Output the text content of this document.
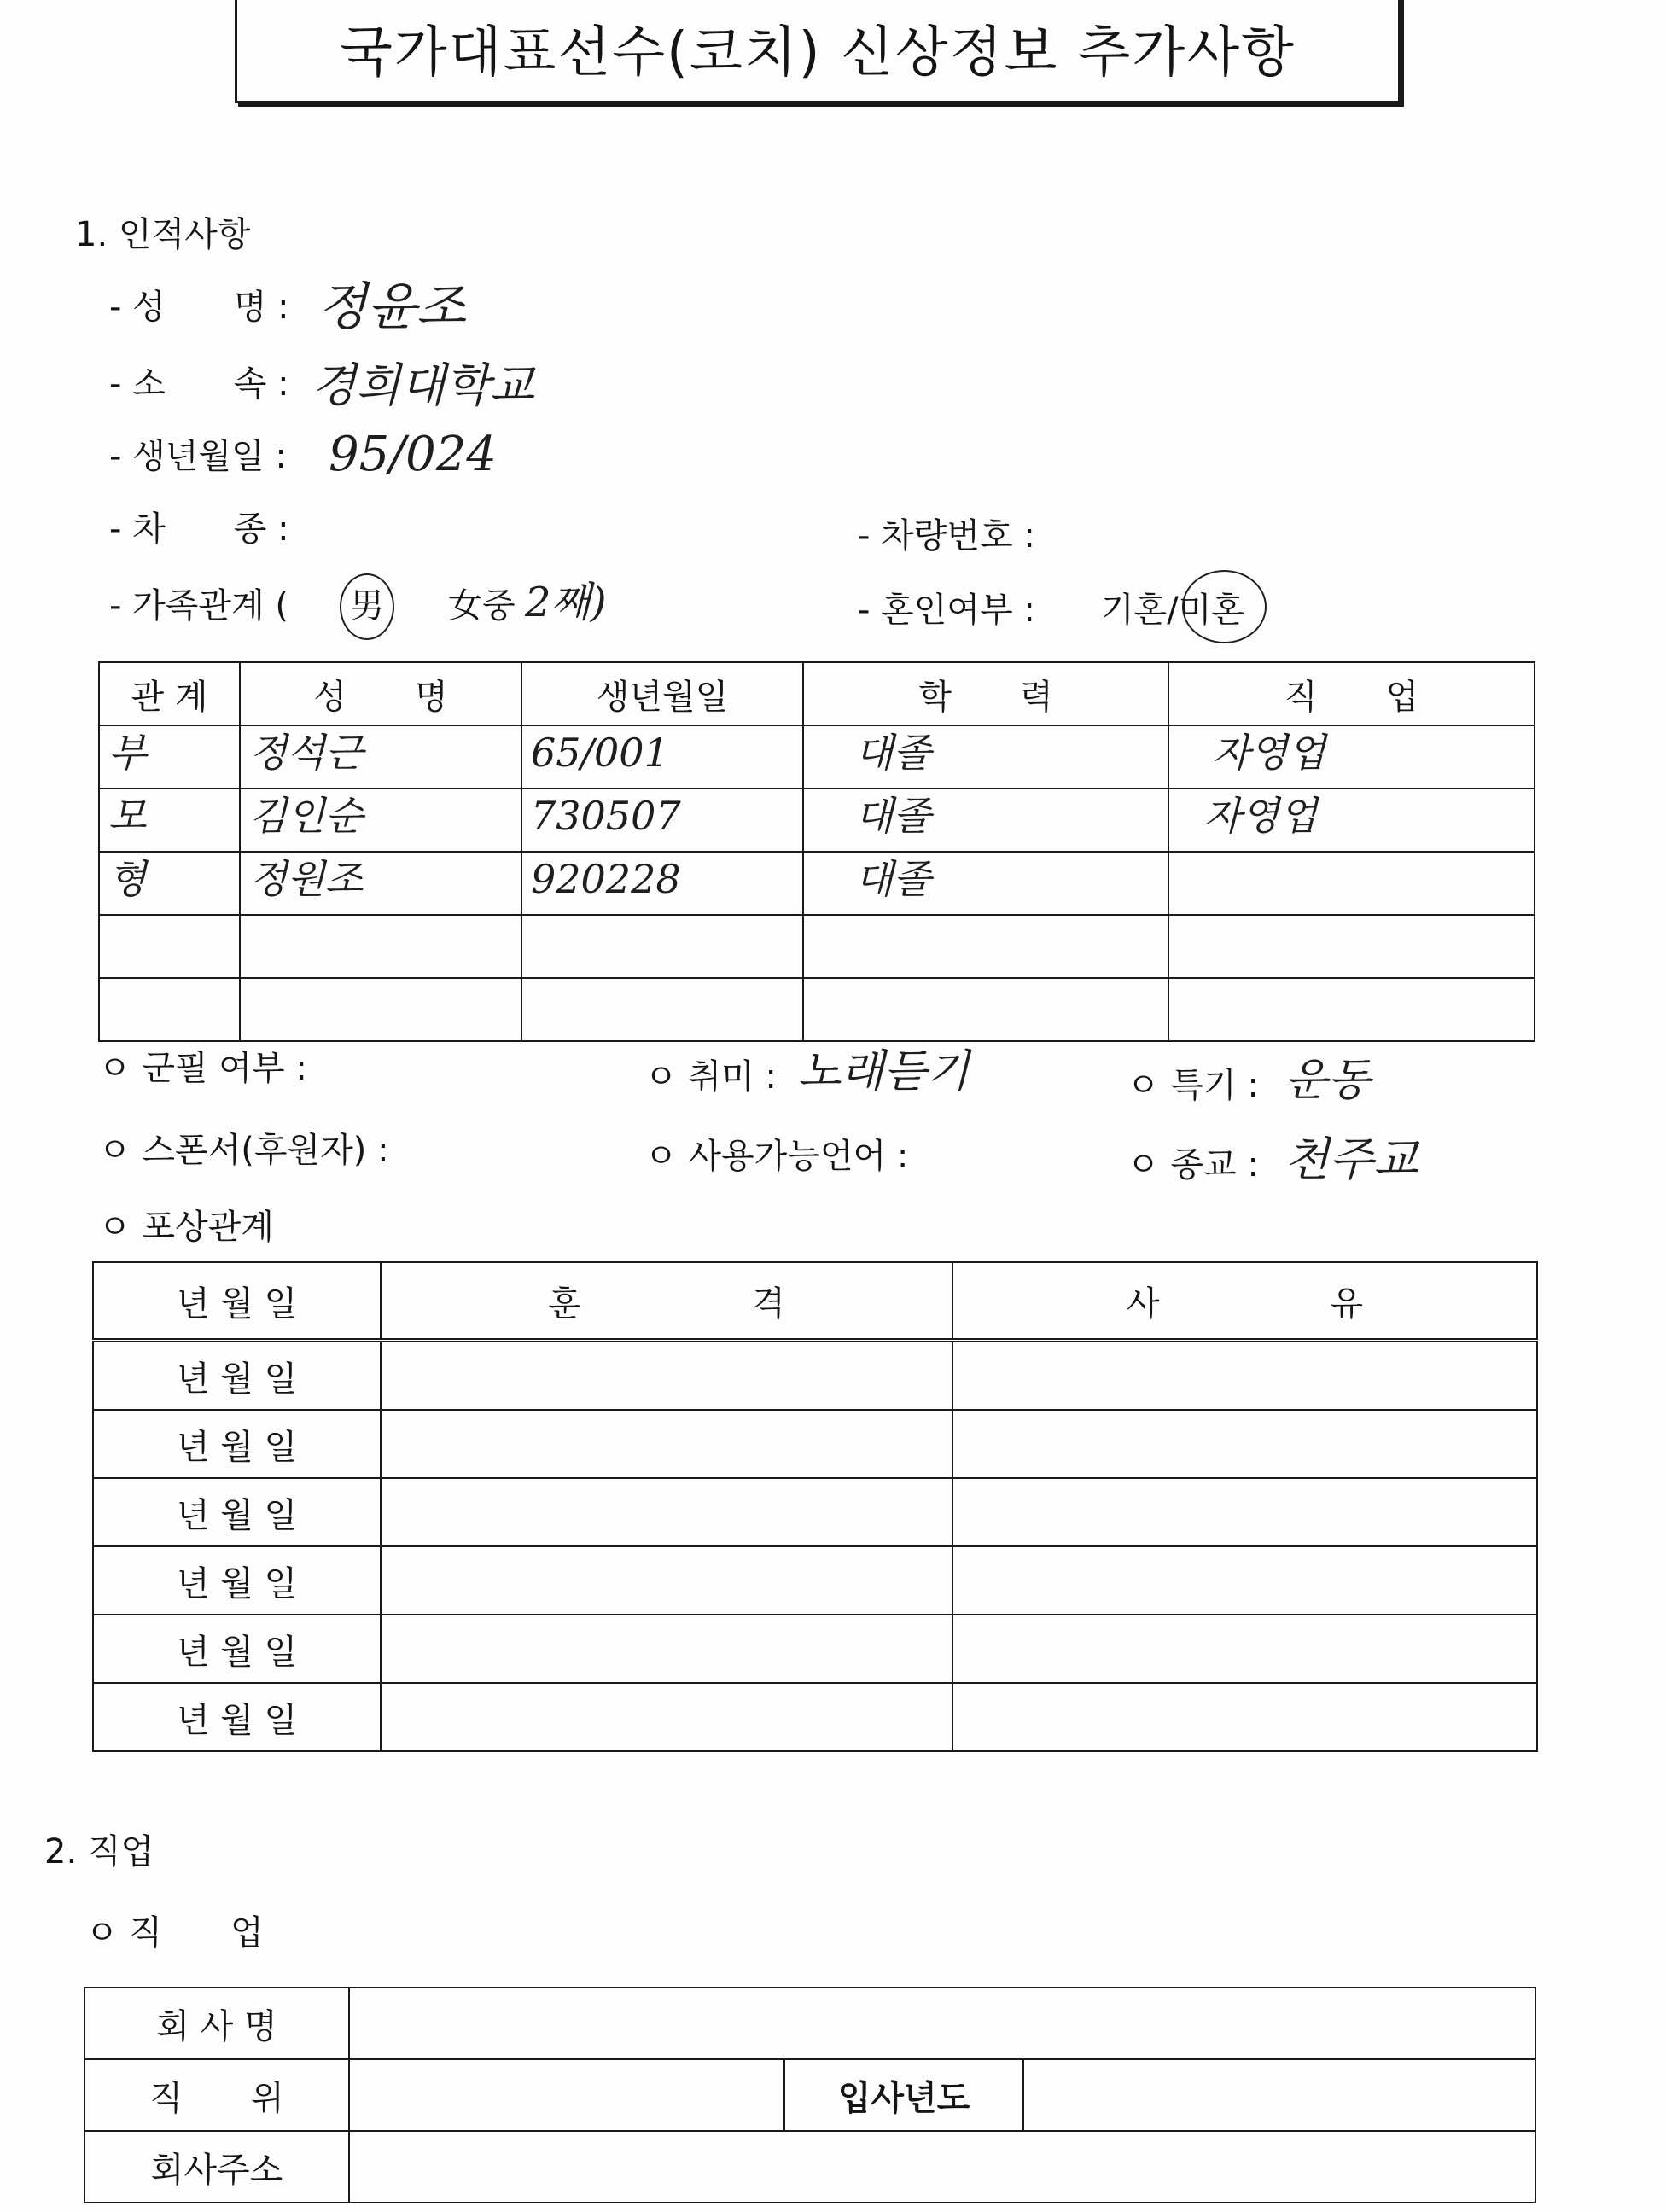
국가대표선수(코치) 신상정보 추가사항
1. 인적사항
- 성　　명 : 정윤조
- 소　　속 : 경희대학교
- 생년월일 : 95/024
- 차　　종 :	- 차량번호 :
- 가족관계 ( 男 女중 2째)	- 혼인여부 : 기혼/미혼
관 계	성　　명	생년월일	학　　력	직　　업

부	정석근	65/001	대졸	자영업

모	김인순	730507	대졸	자영업

형	정원조	920228	대졸	

ㅇ 군필 여부 :	ㅇ 취미 : 노래듣기	ㅇ 특기 : 운동
ㅇ 스폰서(후원자) :	ㅇ 사용가능언어 :	ㅇ 종교 : 천주교
ㅇ 포상관계
년 월 일	훈　　　　　격	사　　　　　유
년 월 일		
년 월 일		
년 월 일		
년 월 일		
년 월 일		
년 월 일		
2. 직업
ㅇ 직　　업
회 사 명			
직　　위		입사년도	
회사주소			
